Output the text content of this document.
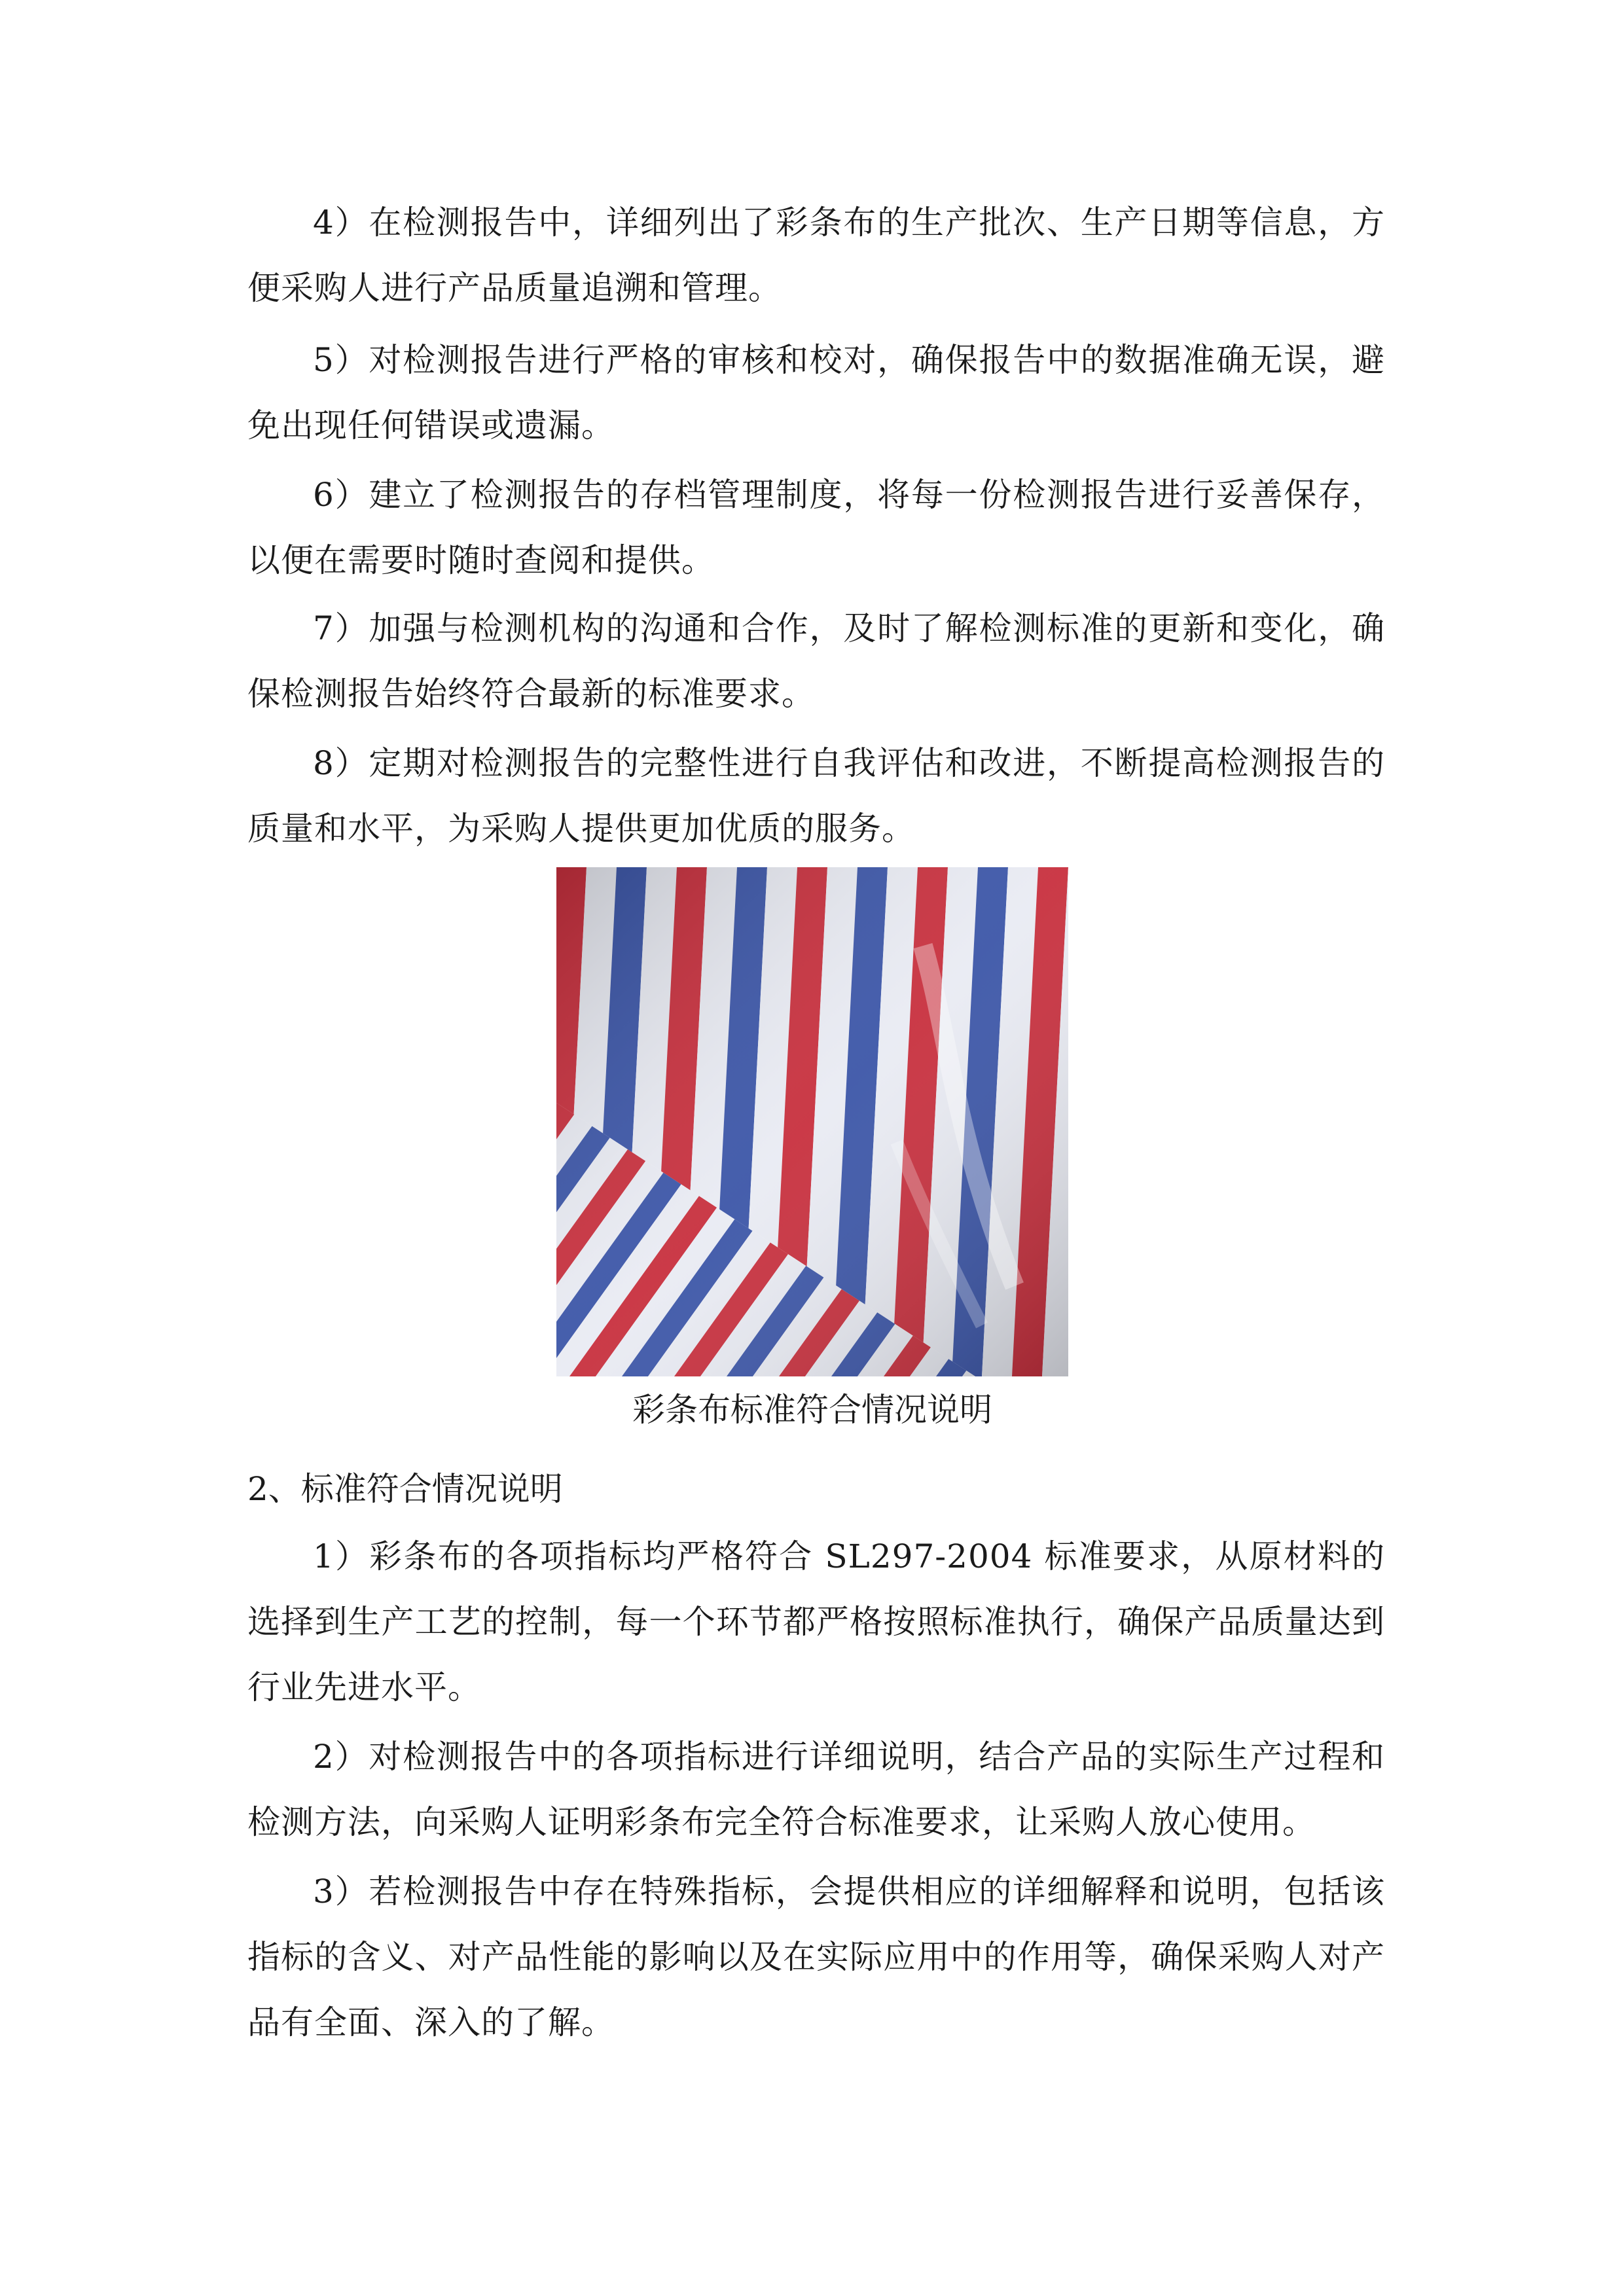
4）在检测报告中，详细列出了彩条布的生产批次、生产日期等信息，方便采购人进行产品质量追溯和管理。

5）对检测报告进行严格的审核和校对，确保报告中的数据准确无误，避免出现任何错误或遗漏。

6）建立了检测报告的存档管理制度，将每一份检测报告进行妥善保存，以便在需要时随时查阅和提供。

7）加强与检测机构的沟通和合作，及时了解检测标准的更新和变化，确保检测报告始终符合最新的标准要求。

8）定期对检测报告的完整性进行自我评估和改进，不断提高检测报告的质量和水平，为采购人提供更加优质的服务。

彩条布标准符合情况说明

2、标准符合情况说明

1）彩条布的各项指标均严格符合 SL297-2004 标准要求，从原材料的选择到生产工艺的控制，每一个环节都严格按照标准执行，确保产品质量达到行业先进水平。

2）对检测报告中的各项指标进行详细说明，结合产品的实际生产过程和检测方法，向采购人证明彩条布完全符合标准要求，让采购人放心使用。

3）若检测报告中存在特殊指标，会提供相应的详细解释和说明，包括该指标的含义、对产品性能的影响以及在实际应用中的作用等，确保采购人对产品有全面、深入的了解。
